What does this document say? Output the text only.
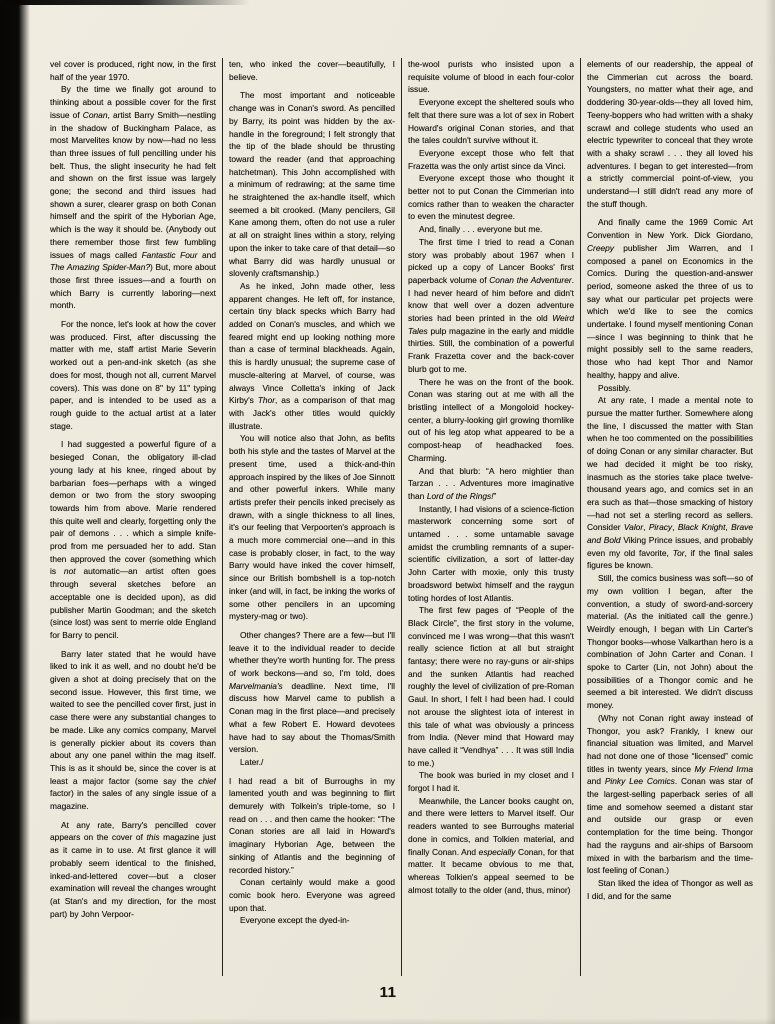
vel cover is produced, right now, in the first half of the year 1970.

By the time we finally got around to thinking about a possible cover for the first issue of Conan, artist Barry Smith—nestling in the shadow of Buckingham Palace, as most Marvelites know by now—had no less than three issues of full pencilling under his belt. Thus, the slight insecurity he had felt and shown on the first issue was largely gone; the second and third issues had shown a surer, clearer grasp on both Conan himself and the spirit of the Hyborian Age, which is the way it should be. (Anybody out there remember those first few fumbling issues of mags called Fantastic Four and The Amazing Spider-Man?) But, more about those first three issues—and a fourth on which Barry is currently laboring—next month.

For the nonce, let's look at how the cover was produced. First, after discussing the matter with me, staff artist Marie Severin worked out a pen-and-ink sketch (as she does for most, though not all, current Marvel covers). This was done on 8" by 11" typing paper, and is intended to be used as a rough guide to the actual artist at a later stage.

I had suggested a powerful figure of a besieged Conan, the obligatory ill-clad young lady at his knee, ringed about by barbarian foes—perhaps with a winged demon or two from the story swooping towards him from above. Marie rendered this quite well and clearly, forgetting only the pair of demons . . . which a simple knife-prod from me persuaded her to add. Stan then approved the cover (something which is not automatic—an artist often goes through several sketches before an acceptable one is decided upon), as did publisher Martin Goodman; and the sketch (since lost) was sent to merrie olde England for Barry to pencil.

Barry later stated that he would have liked to ink it as well, and no doubt he'd be given a shot at doing precisely that on the second issue. However, this first time, we waited to see the pencilled cover first, just in case there were any substantial changes to be made. Like any comics company, Marvel is generally pickier about its covers than about any one panel within the mag itself. This is as it should be, since the cover is at least a major factor (some say the chief factor) in the sales of any single issue of a magazine.

At any rate, Barry's pencilled cover appears on the cover of this magazine just as it came in to use. At first glance it will probably seem identical to the finished, inked-and-lettered cover—but a closer examination will reveal the changes wrought (at Stan's and my direction, for the most part) by John Verpoor-

ten, who inked the cover—beautifully, I believe.

The most important and noticeable change was in Conan's sword. As pencilled by Barry, its point was hidden by the ax-handle in the foreground; I felt strongly that the tip of the blade should be thrusting toward the reader (and that approaching hatchetman). This John accomplished with a minimum of redrawing; at the same time he straightened the ax-handle itself, which seemed a bit crooked. (Many pencilers, Gil Kane among them, often do not use a ruler at all on straight lines within a story, relying upon the inker to take care of that detail—so what Barry did was hardly unusual or slovenly craftsmanship.)

As he inked, John made other, less apparent changes. He left off, for instance, certain tiny black specks which Barry had added on Conan's muscles, and which we feared might end up looking nothing more than a case of terminal blackheads. Again, this is hardly unusual; the supreme case of muscle-altering at Marvel, of course, was always Vince Colletta's inking of Jack Kirby's Thor, as a comparison of that mag with Jack's other titles would quickly illustrate.

You will notice also that John, as befits both his style and the tastes of Marvel at the present time, used a thick-and-thin approach inspired by the likes of Joe Sinnott and other powerful inkers. While many artists prefer their pencils inked precisely as drawn, with a single thickness to all lines, it's our feeling that Verpoorten's approach is a much more commercial one—and in this case is probably closer, in fact, to the way Barry would have inked the cover himself, since our British bombshell is a top-notch inker (and will, in fact, be inking the works of some other pencilers in an upcoming mystery-mag or two).

Other changes? There are a few—but I'll leave it to the individual reader to decide whether they're worth hunting for. The press of work beckons—and so, I'm told, does Marvelmania's deadline. Next time, I'll discuss how Marvel came to publish a Conan mag in the first place—and precisely what a few Robert E. Howard devotees have had to say about the Thomas/Smith version.

Later./

I had read a bit of Burroughs in my lamented youth and was beginning to flirt demurely with Tolkein's triple-tome, so I read on . . . and then came the hooker: “The Conan stories are all laid in Howard's imaginary Hyborian Age, between the sinking of Atlantis and the beginning of recorded history.”

Conan certainly would make a good comic book hero. Everyone was agreed upon that.

Everyone except the dyed-in-

the-wool purists who insisted upon a requisite volume of blood in each four-color issue.

Everyone except the sheltered souls who felt that there sure was a lot of sex in Robert Howard's original Conan stories, and that the tales couldn't survive without it.

Everyone except those who felt that Frazetta was the only artist since da Vinci.

Everyone except those who thought it better not to put Conan the Cimmerian into comics rather than to weaken the character to even the minutest degree.

And, finally . . . everyone but me.

The first time I tried to read a Conan story was probably about 1967 when I picked up a copy of Lancer Books' first paperback volume of Conan the Adventurer. I had never heard of him before and didn't know that well over a dozen adventure stories had been printed in the old Weird Tales pulp magazine in the early and middle thirties. Still, the combination of a powerful Frank Frazetta cover and the back-cover blurb got to me.

There he was on the front of the book. Conan was staring out at me with all the bristling intellect of a Mongoloid hockey-center, a blurry-looking girl growing thornlike out of his leg atop what appeared to be a compost-heap of headhacked foes. Charming.

And that blurb: “A hero mightier than Tarzan . . . Adventures more imaginative than Lord of the Rings!”

Instantly, I had visions of a science-fiction masterwork concerning some sort of untamed . . . some untamable savage amidst the crumbling remnants of a super-scientific civilization, a sort of latter-day John Carter with moxie, only this trusty broadsword betwixt himself and the raygun toting hordes of lost Atlantis.

The first few pages of “People of the Black Circle”, the first story in the volume, convinced me I was wrong—that this wasn't really science fiction at all but straight fantasy; there were no ray-guns or air-ships and the sunken Atlantis had reached roughly the level of civilization of pre-Roman Gaul. In short, I felt I had been had. I could not arouse the slightest iota of interest in this tale of what was obviously a princess from India. (Never mind that Howard may have called it “Vendhya” . . . It was still India to me.)

The book was buried in my closet and I forgot I had it.

Meanwhile, the Lancer books caught on, and there were letters to Marvel itself. Our readers wanted to see Burroughs material done in comics, and Tolkien material, and finally Conan. And especially Conan, for that matter. It became obvious to me that, whereas Tolkien's appeal seemed to be almost totally to the older (and, thus, minor)

elements of our readership, the appeal of the Cimmerian cut across the board. Youngsters, no matter what their age, and doddering 30-year-olds—they all loved him, Teeny-boppers who had written with a shaky scrawl and college students who used an electric typewriter to conceal that they wrote with a shaky scrawl . . . they all loved his adventures. I began to get interested—from a strictly commercial point-of-view, you understand—I still didn't read any more of the stuff though.

And finally came the 1969 Comic Art Convention in New York. Dick Giordano, Creepy publisher Jim Warren, and I composed a panel on Economics in the Comics. During the question-and-answer period, someone asked the three of us to say what our particular pet projects were which we'd like to see the comics undertake. I found myself mentioning Conan—since I was beginning to think that he might possibly sell to the same readers, those who had kept Thor and Namor healthy, happy and alive.

Possibly.

At any rate, I made a mental note to pursue the matter further. Somewhere along the line, I discussed the matter with Stan when he too commented on the possibilities of doing Conan or any similar character. But we had decided it might be too risky, inasmuch as the stories take place twelve-thousand years ago, and comics set in an era such as that—those smacking of history—had not set a sterling record as sellers. Consider Valor, Piracy, Black Knight, Brave and Bold Viking Prince issues, and probably even my old favorite, Tor, if the final sales figures be known.

Still, the comics business was soft—so of my own volition I began, after the convention, a study of sword-and-sorcery material. (As the initiated call the genre.) Weirdly enough, I began with Lin Carter's Thongor books—whose Valkarthan hero is a combination of John Carter and Conan. I spoke to Carter (Lin, not John) about the possibilities of a Thongor comic and he seemed a bit interested. We didn't discuss money.

(Why not Conan right away instead of Thongor, you ask? Frankly, I knew our financial situation was limited, and Marvel had not done one of those “licensed” comic titles in twenty years, since My Friend Irma and Pinky Lee Comics. Conan was star of the largest-selling paperback series of all time and somehow seemed a distant star and outside our grasp or even contemplation for the time being. Thongor had the rayguns and air-ships of Barsoom mixed in with the barbarism and the time-lost feeling of Conan.)

Stan liked the idea of Thongor as well as I did, and for the same

11
